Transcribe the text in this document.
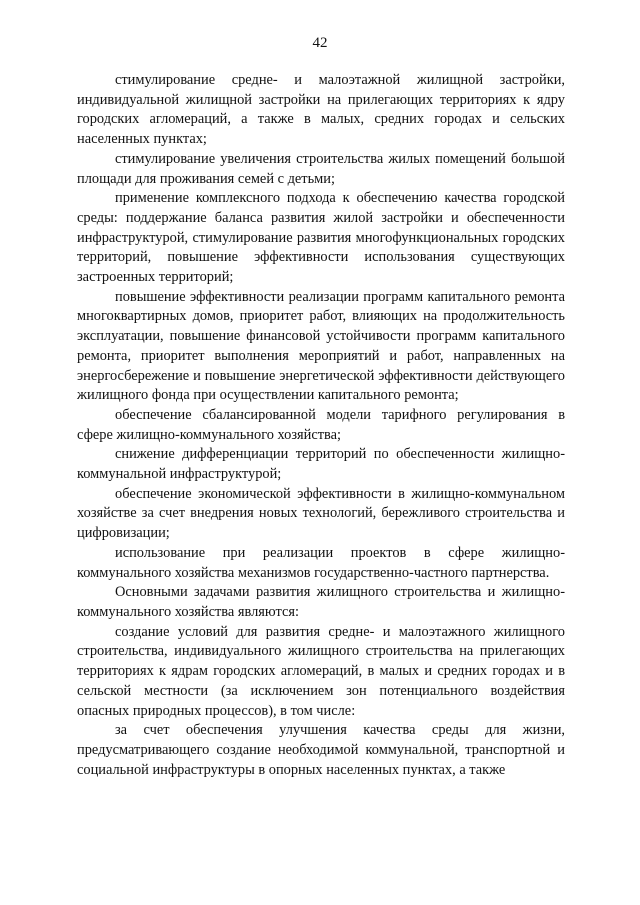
42

стимулирование средне- и малоэтажной жилищной застройки, индивидуальной жилищной застройки на прилегающих территориях к ядру городских агломераций, а также в малых, средних городах и сельских населенных пунктах;

стимулирование увеличения строительства жилых помещений большой площади для проживания семей с детьми;

применение комплексного подхода к обеспечению качества городской среды: поддержание баланса развития жилой застройки и обеспеченности инфраструктурой, стимулирование развития многофункциональных городских территорий, повышение эффективности использования существующих застроенных территорий;

повышение эффективности реализации программ капитального ремонта многоквартирных домов, приоритет работ, влияющих на продолжительность эксплуатации, повышение финансовой устойчивости программ капитального ремонта, приоритет выполнения мероприятий и работ, направленных на энергосбережение и повышение энергетической эффективности действующего жилищного фонда при осуществлении капитального ремонта;

обеспечение сбалансированной модели тарифного регулирования в сфере жилищно-коммунального хозяйства;

снижение дифференциации территорий по обеспеченности жилищно-коммунальной инфраструктурой;

обеспечение экономической эффективности в жилищно-коммунальном хозяйстве за счет внедрения новых технологий, бережливого строительства и цифровизации;

использование при реализации проектов в сфере жилищно-коммунального хозяйства механизмов государственно-частного партнерства.

Основными задачами развития жилищного строительства и жилищно-коммунального хозяйства являются:

создание условий для развития средне- и малоэтажного жилищного строительства, индивидуального жилищного строительства на прилегающих территориях к ядрам городских агломераций, в малых и средних городах и в сельской местности (за исключением зон потенциального воздействия опасных природных процессов), в том числе:

за счет обеспечения улучшения качества среды для жизни, предусматривающего создание необходимой коммунальной, транспортной и социальной инфраструктуры в опорных населенных пунктах, а также
